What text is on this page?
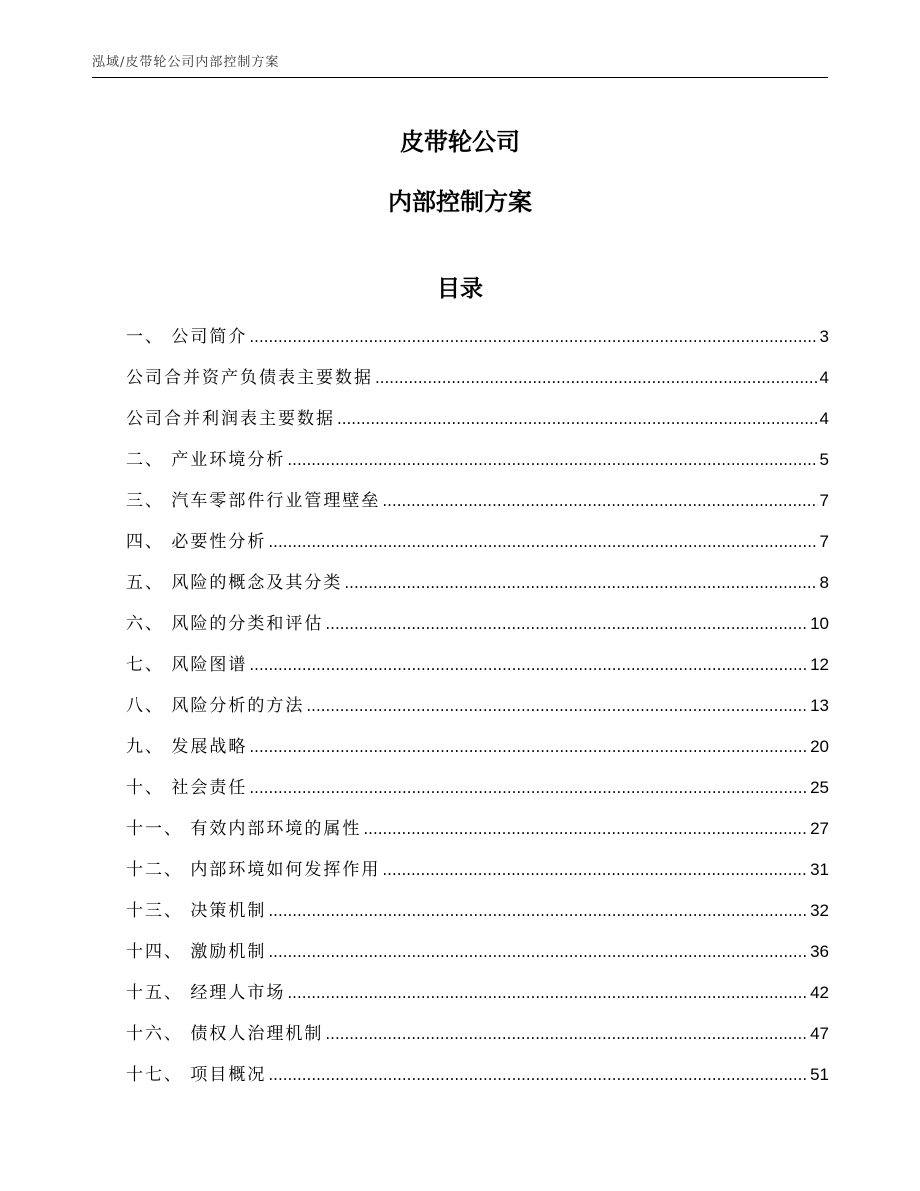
泓域/皮带轮公司内部控制方案
皮带轮公司
内部控制方案
目录
一、 公司简介 .....	3
公司合并资产负债表主要数据 .....	4
公司合并利润表主要数据 .....	4
二、 产业环境分析 .....	5
三、 汽车零部件行业管理壁垒 .....	7
四、 必要性分析 .....	7
五、 风险的概念及其分类 .....	8
六、 风险的分类和评估 .....	10
七、 风险图谱 .....	12
八、 风险分析的方法 .....	13
九、 发展战略 .....	20
十、 社会责任 .....	25
十一、 有效内部环境的属性 .....	27
十二、 内部环境如何发挥作用 .....	31
十三、 决策机制 .....	32
十四、 激励机制 .....	36
十五、 经理人市场 .....	42
十六、 债权人治理机制 .....	47
十七、 项目概况 .....	51
